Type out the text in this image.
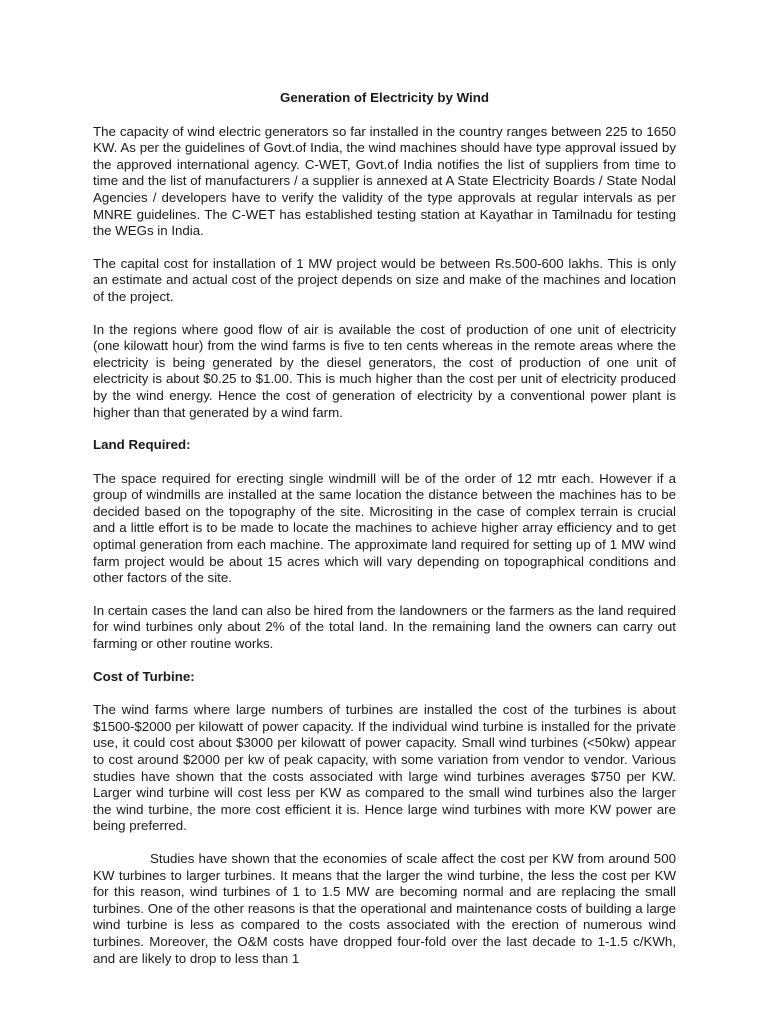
Generation of Electricity by Wind

The capacity of wind electric generators so far installed in the country ranges between 225 to 1650 KW. As per the guidelines of Govt.of India, the wind machines should have type approval issued by the approved international agency. C-WET, Govt.of India notifies the list of suppliers from time to time and the list of manufacturers / a supplier is annexed at A State Electricity Boards / State Nodal Agencies / developers have to verify the validity of the type approvals at regular intervals as per MNRE guidelines. The C-WET has established testing station at Kayathar in Tamilnadu for testing the WEGs in India.

The capital cost for installation of 1 MW project would be between Rs.500-600 lakhs. This is only an estimate and actual cost of the project depends on size and make of the machines and location of the project.

In the regions where good flow of air is available the cost of production of one unit of electricity (one kilowatt hour) from the wind farms is five to ten cents whereas in the remote areas where the electricity is being generated by the diesel generators, the cost of production of one unit of electricity is about $0.25 to $1.00. This is much higher than the cost per unit of electricity produced by the wind energy. Hence the cost of generation of electricity by a conventional power plant is higher than that generated by a wind farm.

Land Required:

The space required for erecting single windmill will be of the order of 12 mtr each. However if a group of windmills are installed at the same location the distance between the machines has to be decided based on the topography of the site. Micrositing in the case of complex terrain is crucial and a little effort is to be made to locate the machines to achieve higher array efficiency and to get optimal generation from each machine. The approximate land required for setting up of 1 MW wind farm project would be about 15 acres which will vary depending on topographical conditions and other factors of the site.

In certain cases the land can also be hired from the landowners or the farmers as the land required for wind turbines only about 2% of the total land. In the remaining land the owners can carry out farming or other routine works.

Cost of Turbine:

The wind farms where large numbers of turbines are installed the cost of the turbines is about $1500-$2000 per kilowatt of power capacity. If the individual wind turbine is installed for the private use, it could cost about $3000 per kilowatt of power capacity. Small wind turbines (<50kw) appear to cost around $2000 per kw of peak capacity, with some variation from vendor to vendor. Various studies have shown that the costs associated with large wind turbines averages $750 per KW. Larger wind turbine will cost less per KW as compared to the small wind turbines also the larger the wind turbine, the more cost efficient it is. Hence large wind turbines with more KW power are being preferred.

Studies have shown that the economies of scale affect the cost per KW from around 500 KW turbines to larger turbines. It means that the larger the wind turbine, the less the cost per KW for this reason, wind turbines of 1 to 1.5 MW are becoming normal and are replacing the small turbines. One of the other reasons is that the operational and maintenance costs of building a large wind turbine is less as compared to the costs associated with the erection of numerous wind turbines. Moreover, the O&M costs have dropped four-fold over the last decade to 1-1.5 c/KWh, and are likely to drop to less than 1
